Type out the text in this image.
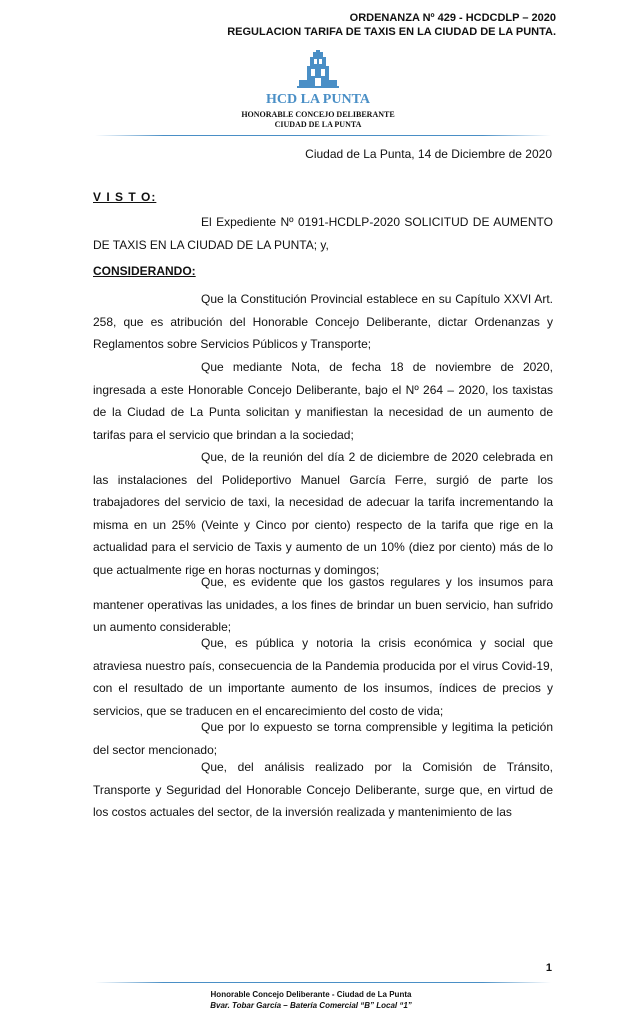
ORDENANZA Nº 429 - HCDCDLP – 2020
REGULACION TARIFA DE TAXIS EN LA CIUDAD DE LA PUNTA.
HCD LA PUNTA
HONORABLE CONCEJO DELIBERANTE
CIUDAD DE LA PUNTA
Ciudad de La Punta, 14 de Diciembre de 2020
V I S T O:

El Expediente Nº 0191-HCDLP-2020 SOLICITUD DE AUMENTO DE TAXIS EN LA CIUDAD DE LA PUNTA; y,

CONSIDERANDO:

Que la Constitución Provincial establece en su Capítulo XXVI Art. 258, que es atribución del Honorable Concejo Deliberante, dictar Ordenanzas y Reglamentos sobre Servicios Públicos y Transporte;

Que mediante Nota, de fecha 18 de noviembre de 2020, ingresada a este Honorable Concejo Deliberante, bajo el Nº 264 – 2020, los taxistas de la Ciudad de La Punta solicitan y manifiestan la necesidad de un aumento de tarifas para el servicio que brindan a la sociedad;

Que, de la reunión del día 2 de diciembre de 2020 celebrada en las instalaciones del Polideportivo Manuel García Ferre, surgió de parte los trabajadores del servicio de taxi, la necesidad de adecuar la tarifa incrementando la misma en un 25% (Veinte y Cinco por ciento) respecto de la tarifa que rige en la actualidad para el servicio de Taxis y aumento de un 10% (diez por ciento) más de lo que actualmente rige en horas nocturnas y domingos;

Que, es evidente que los gastos regulares y los insumos para mantener operativas las unidades, a los fines de brindar un buen servicio, han sufrido un aumento considerable;

Que, es pública y notoria la crisis económica y social que atraviesa nuestro país, consecuencia de la Pandemia producida por el virus Covid-19, con el resultado de un importante aumento de los insumos, índices de precios y servicios, que se traducen en el encarecimiento del costo de vida;

Que por lo expuesto se torna comprensible y legitima la petición del sector mencionado;

Que, del análisis realizado por la Comisión de Tránsito, Transporte y Seguridad del Honorable Concejo Deliberante, surge que, en virtud de los costos actuales del sector, de la inversión realizada y mantenimiento de las

1
Honorable Concejo Deliberante - Ciudad de La Punta
Bvar. Tobar García – Batería Comercial “B” Local “1”
